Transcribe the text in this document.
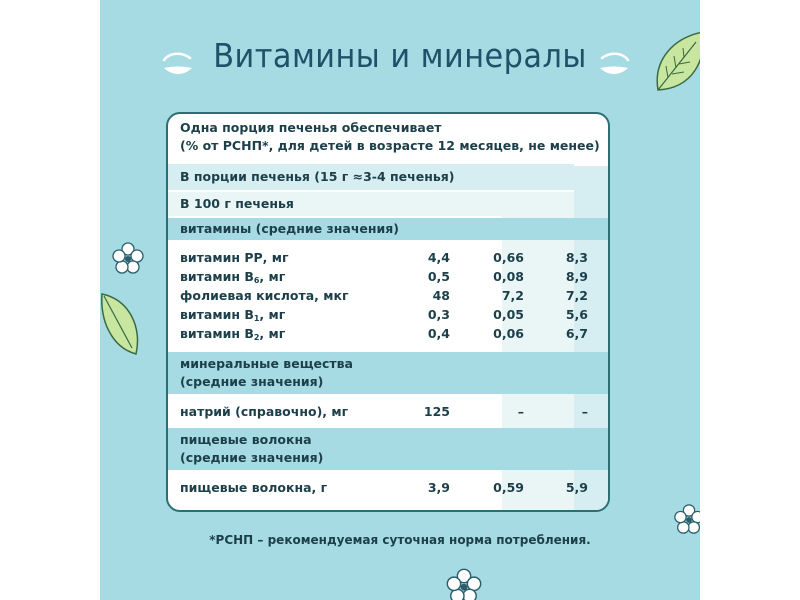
Витамины и минералы
Одна порция печенья обеспечивает
(% от РСНП*, для детей в возрасте 12 месяцев, не менее)
В порции печенья (15 г ≈3-4 печенья)
В 100 г печенья
витамины (средние значения)
витамин РР, мг	4,4	0,66	8,3
витамин $В_6$, мг	0,5	0,08	8,9
фолиевая кислота, мкг	48	7,2	7,2
витамин $В_1$, мг	0,3	0,05	5,6
витамин $В_2$, мг	0,4	0,06	6,7
минеральные вещества
(средние значения)
натрий (справочно), мг	125	–	–
пищевые волокна
(средние значения)
пищевые волокна, г	3,9	0,59	5,9
*РСНП – рекомендуемая суточная норма потребления.
